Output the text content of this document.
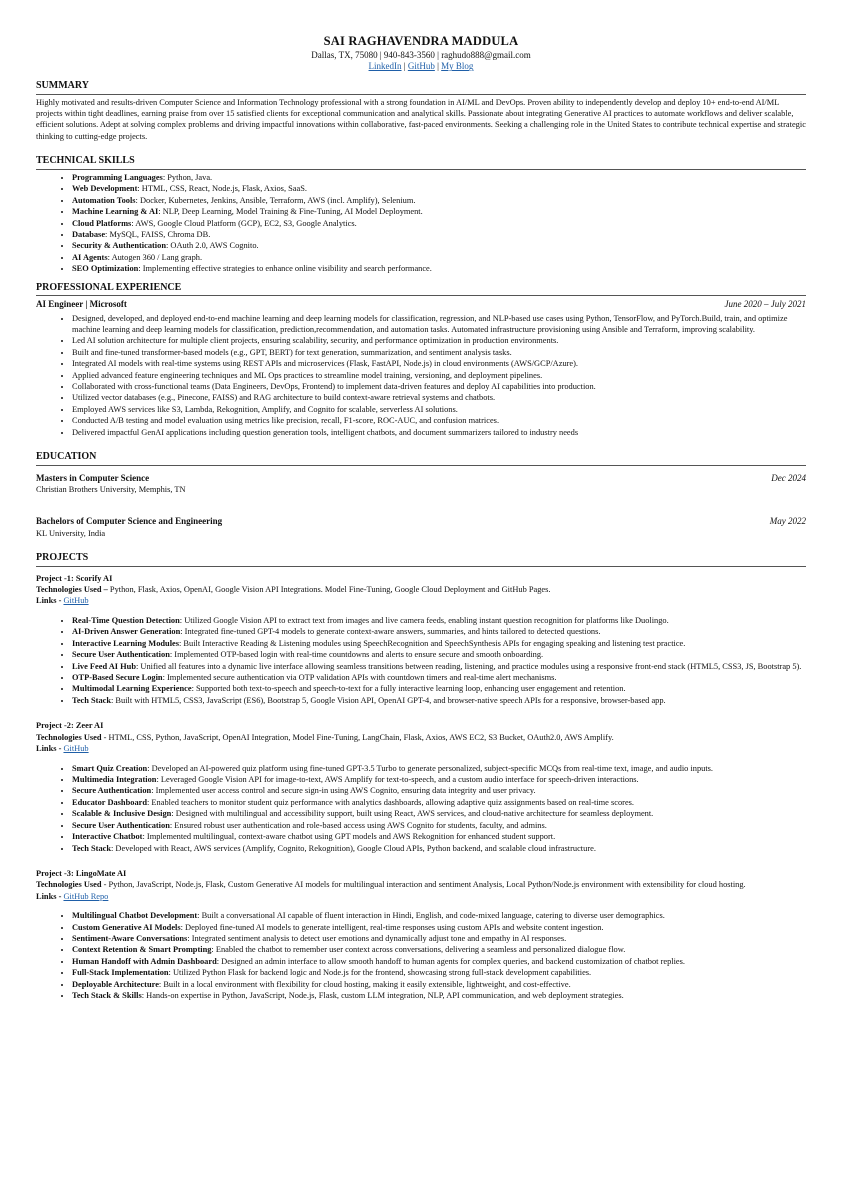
SAI RAGHAVENDRA MADDULA
Dallas, TX, 75080 | 940-843-3560 | raghudo888@gmail.com
LinkedIn | GitHub | My Blog
SUMMARY

Highly motivated and results-driven Computer Science and Information Technology professional with a strong foundation in AI/ML and DevOps. Proven ability to independently develop and deploy 10+ end-to-end AI/ML projects within tight deadlines, earning praise from over 15 satisfied clients for exceptional communication and analytical skills. Passionate about integrating Generative AI practices to automate workflows and deliver scalable, efficient solutions. Adept at solving complex problems and driving impactful innovations within collaborative, fast-paced environments. Seeking a challenging role in the United States to contribute technical expertise and strategic thinking to cutting-edge projects.

TECHNICAL SKILLS
• Programming Languages: Python, Java.
• Web Development: HTML, CSS, React, Node.js, Flask, Axios, SaaS.
• Automation Tools: Docker, Kubernetes, Jenkins, Ansible, Terraform, AWS (incl. Amplify), Selenium.
• Machine Learning & AI: NLP, Deep Learning, Model Training & Fine-Tuning, AI Model Deployment.
• Cloud Platforms: AWS, Google Cloud Platform (GCP), EC2, S3, Google Analytics.
• Database: MySQL, FAISS, Chroma DB.
• Security & Authentication: OAuth 2.0, AWS Cognito.
• AI Agents: Autogen 360 / Lang graph.
• SEO Optimization: Implementing effective strategies to enhance online visibility and search performance.
PROFESSIONAL EXPERIENCE
AI Engineer | Microsoft	June 2020 – July 2021
• Designed, developed, and deployed end-to-end machine learning and deep learning models for classification, regression, and NLP-based use cases using Python, TensorFlow, and PyTorch.Build, train, and optimize machine learning and deep learning models for classification, prediction,recommendation, and automation tasks. Automated infrastructure provisioning using Ansible and Terraform, improving scalability.
• Led AI solution architecture for multiple client projects, ensuring scalability, security, and performance optimization in production environments.
• Built and fine-tuned transformer-based models (e.g., GPT, BERT) for text generation, summarization, and sentiment analysis tasks.
• Integrated AI models with real-time systems using REST APIs and microservices (Flask, FastAPI, Node.js) in cloud environments (AWS/GCP/Azure).
• Applied advanced feature engineering techniques and ML Ops practices to streamline model training, versioning, and deployment pipelines.
• Collaborated with cross-functional teams (Data Engineers, DevOps, Frontend) to implement data-driven features and deploy AI capabilities into production.
• Utilized vector databases (e.g., Pinecone, FAISS) and RAG architecture to build context-aware retrieval systems and chatbots.
• Employed AWS services like S3, Lambda, Rekognition, Amplify, and Cognito for scalable, serverless AI solutions.
• Conducted A/B testing and model evaluation using metrics like precision, recall, F1-score, ROC-AUC, and confusion matrices.
• Delivered impactful GenAI applications including question generation tools, intelligent chatbots, and document summarizers tailored to industry needs
EDUCATION
Masters in Computer Science	Dec 2024
Christian Brothers University, Memphis, TN
Bachelors of Computer Science and Engineering	May 2022
KL University, India
PROJECTS
Project -1: Scorify AI
Technologies Used – Python, Flask, Axios, OpenAI, Google Vision API Integrations. Model Fine-Tuning, Google Cloud Deployment and GitHub Pages.
Links - GitHub
• Real-Time Question Detection: Utilized Google Vision API to extract text from images and live camera feeds, enabling instant question recognition for platforms like Duolingo.
• AI-Driven Answer Generation: Integrated fine-tuned GPT-4 models to generate context-aware answers, summaries, and hints tailored to detected questions.
• Interactive Learning Modules: Built Interactive Reading & Listening modules using SpeechRecognition and SpeechSynthesis APIs for engaging speaking and listening test practice.
• Secure User Authentication: Implemented OTP-based login with real-time countdowns and alerts to ensure secure and smooth onboarding.
• Live Feed AI Hub: Unified all features into a dynamic live interface allowing seamless transitions between reading, listening, and practice modules using a responsive front-end stack (HTML5, CSS3, JS, Bootstrap 5).
• OTP-Based Secure Login: Implemented secure authentication via OTP validation APIs with countdown timers and real-time alert mechanisms.
• Multimodal Learning Experience: Supported both text-to-speech and speech-to-text for a fully interactive learning loop, enhancing user engagement and retention.
• Tech Stack: Built with HTML5, CSS3, JavaScript (ES6), Bootstrap 5, Google Vision API, OpenAI GPT-4, and browser-native speech APIs for a responsive, browser-based app.
Project -2: Zeer AI
Technologies Used - HTML, CSS, Python, JavaScript, OpenAI Integration, Model Fine-Tuning, LangChain, Flask, Axios, AWS EC2, S3 Bucket, OAuth2.0, AWS Amplify.
Links - GitHub
• Smart Quiz Creation: Developed an AI-powered quiz platform using fine-tuned GPT-3.5 Turbo to generate personalized, subject-specific MCQs from real-time text, image, and audio inputs.
• Multimedia Integration: Leveraged Google Vision API for image-to-text, AWS Amplify for text-to-speech, and a custom audio interface for speech-driven interactions.
• Secure Authentication: Implemented user access control and secure sign-in using AWS Cognito, ensuring data integrity and user privacy.
• Educator Dashboard: Enabled teachers to monitor student quiz performance with analytics dashboards, allowing adaptive quiz assignments based on real-time scores.
• Scalable & Inclusive Design: Designed with multilingual and accessibility support, built using React, AWS services, and cloud-native architecture for seamless deployment.
• Secure User Authentication: Ensured robust user authentication and role-based access using AWS Cognito for students, faculty, and admins.
• Interactive Chatbot: Implemented multilingual, context-aware chatbot using GPT models and AWS Rekognition for enhanced student support.
• Tech Stack: Developed with React, AWS services (Amplify, Cognito, Rekognition), Google Cloud APIs, Python backend, and scalable cloud infrastructure.
Project -3: LingoMate AI
Technologies Used - Python, JavaScript, Node.js, Flask, Custom Generative AI models for multilingual interaction and sentiment Analysis, Local Python/Node.js environment with extensibility for cloud hosting.
Links - GitHub Repo
• Multilingual Chatbot Development: Built a conversational AI capable of fluent interaction in Hindi, English, and code-mixed language, catering to diverse user demographics.
• Custom Generative AI Models: Deployed fine-tuned AI models to generate intelligent, real-time responses using custom APIs and website content ingestion.
• Sentiment-Aware Conversations: Integrated sentiment analysis to detect user emotions and dynamically adjust tone and empathy in AI responses.
• Context Retention & Smart Prompting: Enabled the chatbot to remember user context across conversations, delivering a seamless and personalized dialogue flow.
• Human Handoff with Admin Dashboard: Designed an admin interface to allow smooth handoff to human agents for complex queries, and backend customization of chatbot replies.
• Full-Stack Implementation: Utilized Python Flask for backend logic and Node.js for the frontend, showcasing strong full-stack development capabilities.
• Deployable Architecture: Built in a local environment with flexibility for cloud hosting, making it easily extensible, lightweight, and cost-effective.
• Tech Stack & Skills: Hands-on expertise in Python, JavaScript, Node.js, Flask, custom LLM integration, NLP, API communication, and web deployment strategies.
